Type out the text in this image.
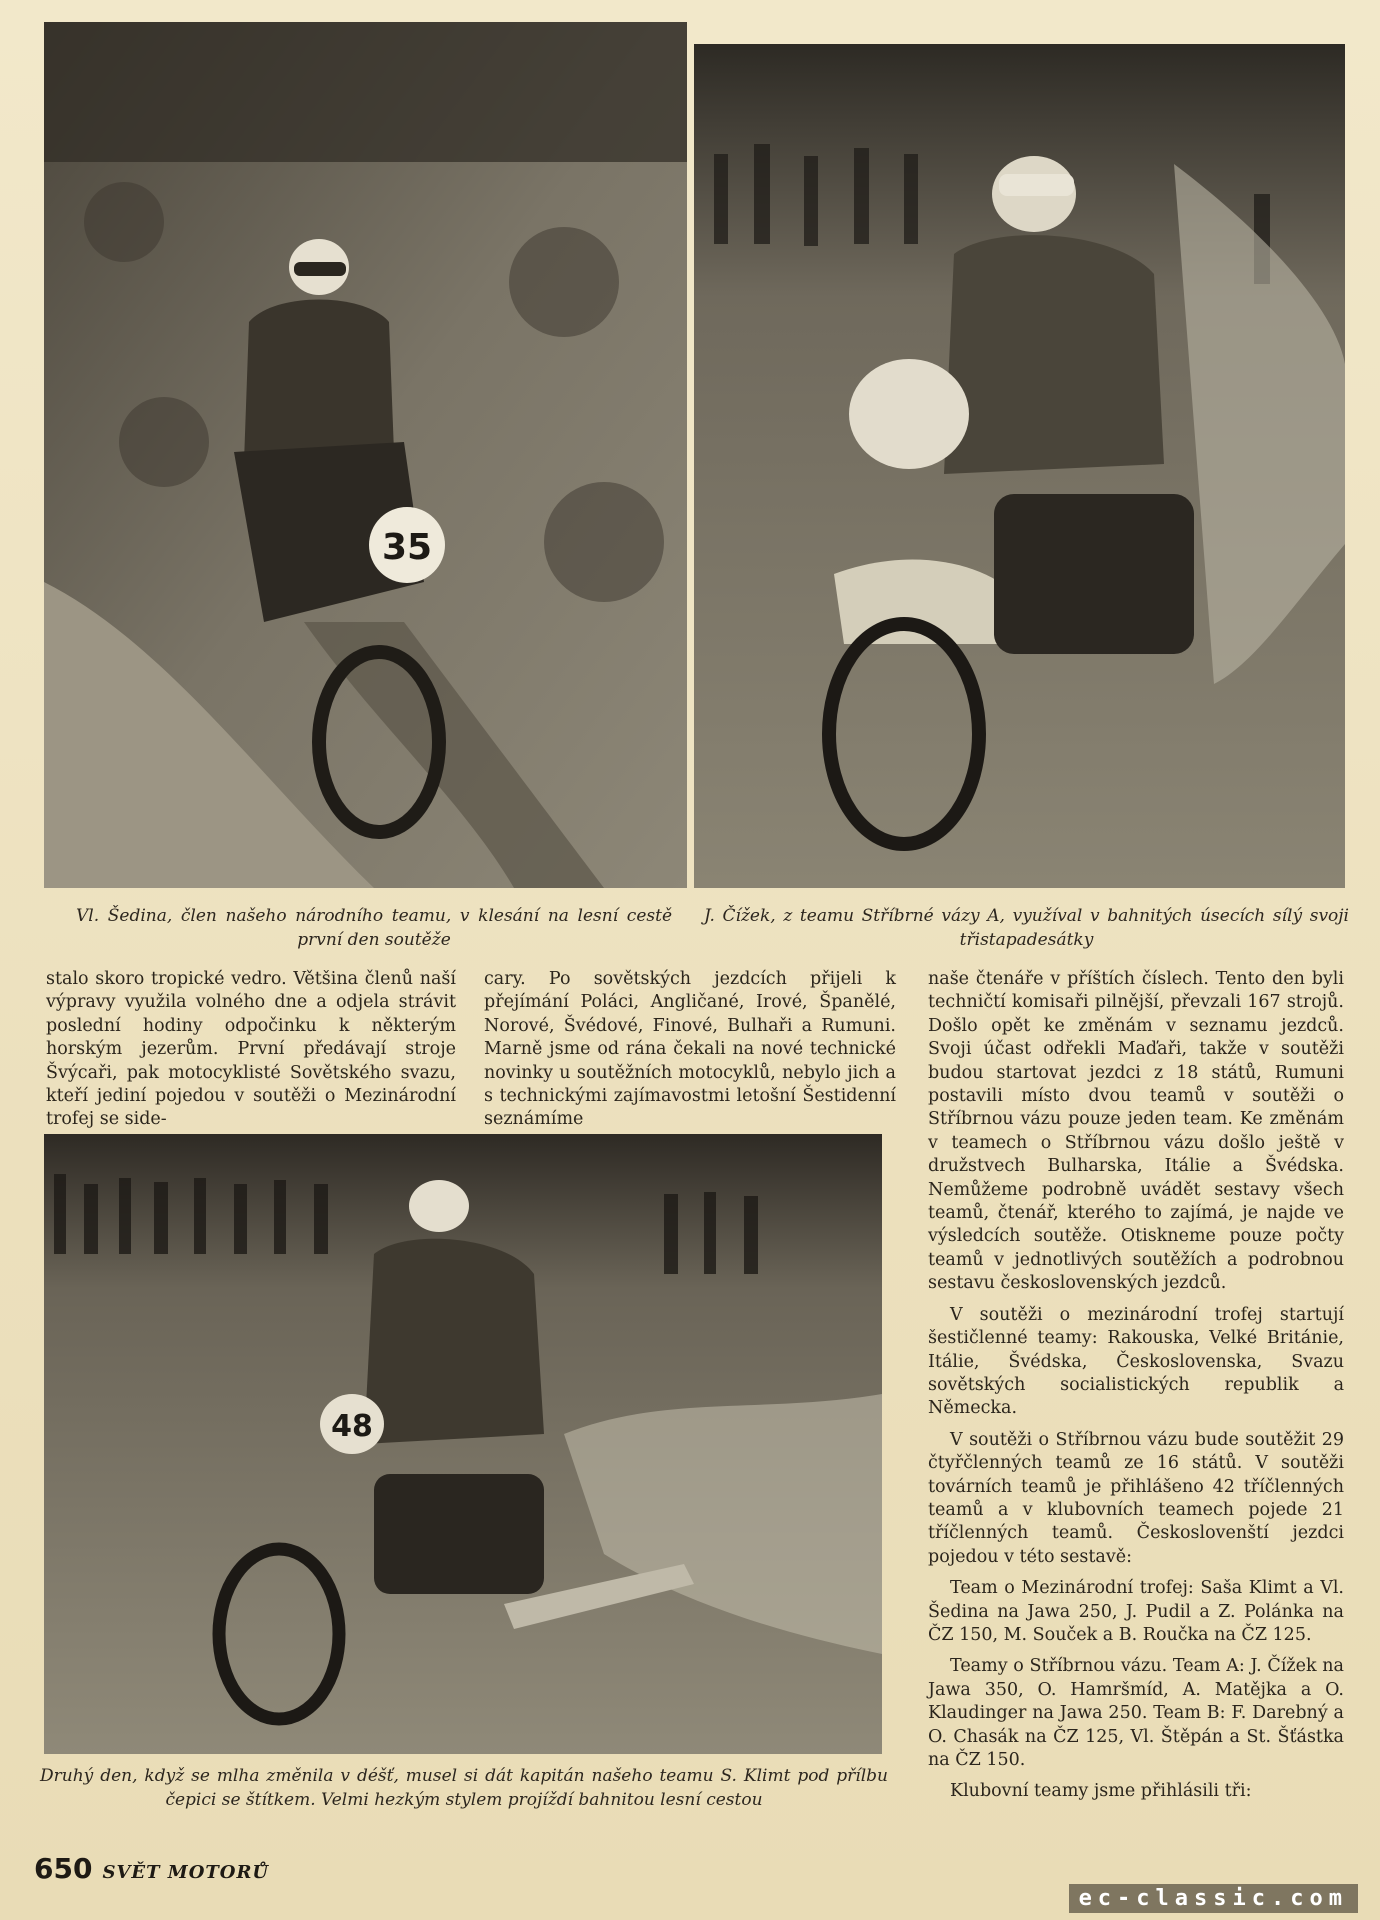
35
Vl. Šedina, člen našeho národního teamu, v klesání na lesní cestě první den soutěže
J. Čížek, z teamu Stříbrné vázy A, využíval v bahnitých úsecích sílý svoji třistapadesátky

stalo skoro tropické vedro. Většina členů naší výpravy využila volného dne a odjela strávit poslední hodiny odpočinku k některým horským jezerům. První předávají stroje Švýcaři, pak motocyklisté Sovětského svazu, kteří jediní pojedou v soutěži o Mezinárodní trofej se side-

cary. Po sovětských jezdcích přijeli k přejímání Poláci, Angličané, Irové, Španělé, Norové, Švédové, Finové, Bulhaři a Rumuni. Marně jsme od rána čekali na nové technické novinky u soutěžních motocyklů, nebylo jich a s technickými zajímavostmi letošní Šestidenní seznámíme

48
Druhý den, když se mlha změnila v déšť, musel si dát kapitán našeho teamu S. Klimt pod přílbu čepici se štítkem. Velmi hezkým stylem projíždí bahnitou lesní cestou

naše čtenáře v příštích číslech. Tento den byli techničtí komisaři pilnější, převzali 167 strojů. Došlo opět ke změnám v seznamu jezdců. Svoji účast odřekli Maďaři, takže v soutěži budou startovat jezdci z 18 států, Rumuni postavili místo dvou teamů v soutěži o Stříbrnou vázu pouze jeden team. Ke změnám v teamech o Stříbrnou vázu došlo ještě v družstvech Bulharska, Itálie a Švédska. Nemůžeme podrobně uvádět sestavy všech teamů, čtenář, kterého to zajímá, je najde ve výsledcích soutěže. Otiskneme pouze počty teamů v jednotlivých soutěžích a podrobnou sestavu československých jezdců.

V soutěži o mezinárodní trofej startují šestičlenné teamy: Rakouska, Velké Británie, Itálie, Švédska, Československa, Svazu sovětských socialistických republik a Německa.

V soutěži o Stříbrnou vázu bude soutěžit 29 čtyřčlenných teamů ze 16 států. V soutěži továrních teamů je přihlášeno 42 tříčlenných teamů a v klubovních teamech pojede 21 tříčlenných teamů. Českoslovenští jezdci pojedou v této sestavě:

Team o Mezinárodní trofej: Saša Klimt a Vl. Šedina na Jawa 250, J. Pudil a Z. Polánka na ČZ 150, M. Souček a B. Roučka na ČZ 125.

Teamy o Stříbrnou vázu. Team A: J. Čížek na Jawa 350, O. Hamršmíd, A. Matějka a O. Klaudinger na Jawa 250. Team B: F. Darebný a O. Chasák na ČZ 125, Vl. Štěpán a St. Šťástka na ČZ 150.

Klubovní teamy jsme přihlásili tři:

650 SVĚT MOTORŮ
ec-classic.com
